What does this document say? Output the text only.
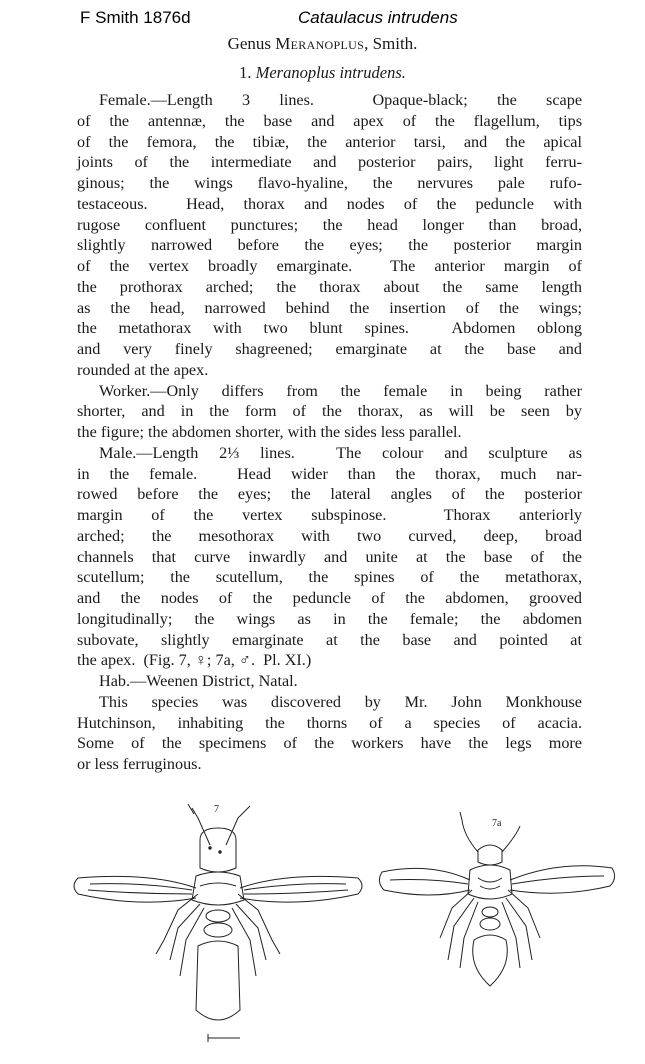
F Smith 1876d	Cataulacus intrudens
Genus Meranoplus, Smith.
1. Meranoplus intrudens.
Female.—Length 3 lines.  Opaque-black; the scape
of the antennæ, the base and apex of the flagellum, tips
of the femora, the tibiæ, the anterior tarsi, and the apical
joints of the intermediate and posterior pairs, light ferru-
ginous; the wings flavo-hyaline, the nervures pale rufo-
testaceous.  Head, thorax and nodes of the peduncle with
rugose confluent punctures; the head longer than broad,
slightly narrowed before the eyes; the posterior margin
of the vertex broadly emarginate.  The anterior margin of
the prothorax arched; the thorax about the same length
as the head, narrowed behind the insertion of the wings;
the metathorax with two blunt spines.  Abdomen oblong
and very finely shagreened; emarginate at the base and
rounded at the apex.
Worker.—Only differs from the female in being rather
shorter, and in the form of the thorax, as will be seen by
the figure; the abdomen shorter, with the sides less parallel.
Male.—Length 2⅓ lines.  The colour and sculpture as
in the female.  Head wider than the thorax, much nar-
rowed before the eyes; the lateral angles of the posterior
margin of the vertex subspinose.  Thorax anteriorly
arched; the mesothorax with two curved, deep, broad
channels that curve inwardly and unite at the base of the
scutellum; the scutellum, the spines of the metathorax,
and the nodes of the peduncle of the abdomen, grooved
longitudinally; the wings as in the female; the abdomen
subovate, slightly emarginate at the base and pointed at
the apex.  (Fig. 7, ♀; 7a, ♂.  Pl. XI.)
Hab.—Weenen District, Natal.
This species was discovered by Mr. John Monkhouse
Hutchinson, inhabiting the thorns of a species of acacia.
Some of the specimens of the workers have the legs more
or less ferruginous.
7
7a
